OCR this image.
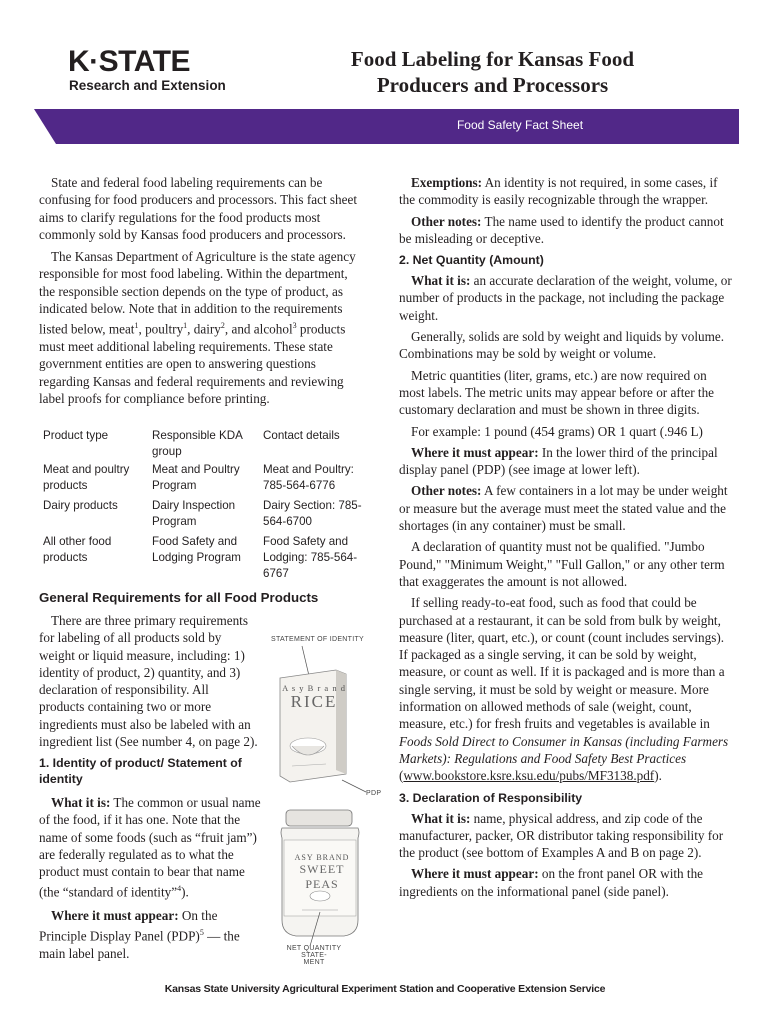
K·STATE
Research and Extension
Food Labeling for Kansas Food
Producers and Processors
Food Safety Fact Sheet

State and federal food labeling requirements can be confusing for food producers and processors. This fact sheet aims to clarify regulations for the food products most commonly sold by Kansas food producers and processors.

The Kansas Department of Agriculture is the state agency responsible for most food labeling. Within the department, the responsible section depends on the type of product, as indicated below. Note that in addition to the requirements listed below, meat$^1$, poultry$^1$, dairy$^2$, and alcohol$^3$ products must meet additional labeling requirements. These state government entities are open to answering questions regarding Kansas and federal requirements and reviewing label proofs for compliance before printing.

Product type	Responsible KDA group
Contact details
Meat and poultry products
Meat and Poultry Program
Meat and Poultry: 785-564-6776
Dairy products	Dairy Inspection Program
Dairy Section: 785-564-6700
All other food products
Food Safety and Lodging Program
Food Safety and Lodging: 785-564-6767
General Requirements for all Food Products

There are three primary requirements for labeling of all products sold by weight or liquid measure, including: 1) identity of product, 2) quantity, and 3) declaration of responsibility. All products containing two or more ingredients must also be labeled with an ingredient list (See number 4, on page 2).

1. Identity of product/ Statement of identity

What it is: The common or usual name of the food, if it has one. Note that the name of some foods (such as “fruit jam”) are federally regulated as to what the product must contain to bear that name (the “standard of identity”$^4$).

Where it must appear: On the Principle Display Panel (PDP)$^5$ — the main label panel.

STATEMENT OF IDENTITY
A s y B r a n d
RICE
PDP
ASY BRAND
SWEET PEAS
NET QUANTITY STATE-
MENT

Exemptions: An identity is not required, in some cases, if the commodity is easily recognizable through the wrapper.

Other notes: The name used to identify the product cannot be misleading or deceptive.

2. Net Quantity (Amount)

What it is: an accurate declaration of the weight, volume, or number of products in the package, not including the package weight.

Generally, solids are sold by weight and liquids by volume. Combinations may be sold by weight or volume.

Metric quantities (liter, grams, etc.) are now required on most labels. The metric units may appear before or after the customary declaration and must be shown in three digits.

For example: 1 pound (454 grams) OR 1 quart (.946 L)

Where it must appear: In the lower third of the principal display panel (PDP) (see image at lower left).

Other notes: A few containers in a lot may be under weight or measure but the average must meet the stated value and the shortages (in any container) must be small.

A declaration of quantity must not be qualified. "Jumbo Pound," "Minimum Weight," "Full Gallon," or any other term that exaggerates the amount is not allowed.

If selling ready-to-eat food, such as food that could be purchased at a restaurant, it can be sold from bulk by weight, measure (liter, quart, etc.), or count (count includes servings). If packaged as a single serving, it can be sold by weight, measure, or count as well. If it is packaged and is more than a single serving, it must be sold by weight or measure. More information on allowed methods of sale (weight, count, measure, etc.) for fresh fruits and vegetables is available in Foods Sold Direct to Consumer in Kansas (including Farmers Markets): Regulations and Food Safety Best Practices (www.bookstore.ksre.ksu.edu/pubs/MF3138.pdf).

3. Declaration of Responsibility

What it is: name, physical address, and zip code of the manufacturer, packer, OR distributor taking responsibility for the product (see bottom of Examples A and B on page 2).

Where it must appear: on the front panel OR with the ingredients on the informational panel (side panel).

Kansas State University Agricultural Experiment Station and Cooperative Extension Service
